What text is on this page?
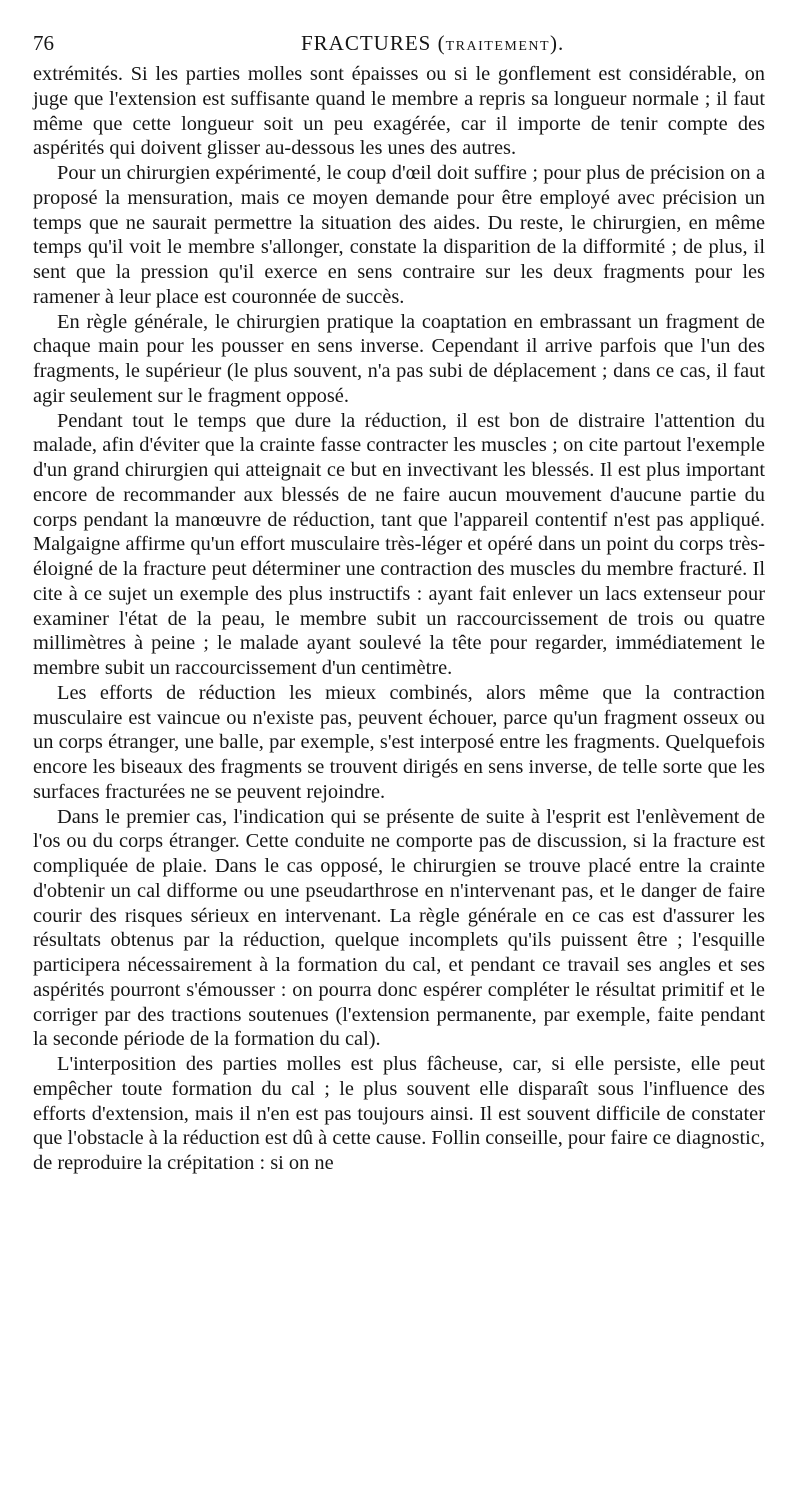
76	FRACTURES (TRAITEMENT).

extrémités. Si les parties molles sont épaisses ou si le gonflement est considérable, on juge que l'extension est suffisante quand le membre a repris sa longueur normale ; il faut même que cette longueur soit un peu exagérée, car il importe de tenir compte des aspérités qui doivent glisser au-dessous les unes des autres.

Pour un chirurgien expérimenté, le coup d'œil doit suffire ; pour plus de précision on a proposé la mensuration, mais ce moyen demande pour être employé avec précision un temps que ne saurait permettre la situation des aides. Du reste, le chirurgien, en même temps qu'il voit le membre s'allonger, constate la disparition de la difformité ; de plus, il sent que la pression qu'il exerce en sens contraire sur les deux fragments pour les ramener à leur place est couronnée de succès.

En règle générale, le chirurgien pratique la coaptation en embrassant un fragment de chaque main pour les pousser en sens inverse. Cependant il arrive parfois que l'un des fragments, le supérieur (le plus souvent, n'a pas subi de déplacement ; dans ce cas, il faut agir seulement sur le fragment opposé.

Pendant tout le temps que dure la réduction, il est bon de distraire l'attention du malade, afin d'éviter que la crainte fasse contracter les muscles ; on cite partout l'exemple d'un grand chirurgien qui atteignait ce but en invectivant les blessés. Il est plus important encore de recommander aux blessés de ne faire aucun mouvement d'aucune partie du corps pendant la manœuvre de réduction, tant que l'appareil contentif n'est pas appliqué. Malgaigne affirme qu'un effort musculaire très-léger et opéré dans un point du corps très-éloigné de la fracture peut déterminer une contraction des muscles du membre fracturé. Il cite à ce sujet un exemple des plus instructifs : ayant fait enlever un lacs extenseur pour examiner l'état de la peau, le membre subit un raccourcissement de trois ou quatre millimètres à peine ; le malade ayant soulevé la tête pour regarder, immédiatement le membre subit un raccourcissement d'un centimètre.

Les efforts de réduction les mieux combinés, alors même que la contraction musculaire est vaincue ou n'existe pas, peuvent échouer, parce qu'un fragment osseux ou un corps étranger, une balle, par exemple, s'est interposé entre les fragments. Quelquefois encore les biseaux des fragments se trouvent dirigés en sens inverse, de telle sorte que les surfaces fracturées ne se peuvent rejoindre.

Dans le premier cas, l'indication qui se présente de suite à l'esprit est l'enlèvement de l'os ou du corps étranger. Cette conduite ne comporte pas de discussion, si la fracture est compliquée de plaie. Dans le cas opposé, le chirurgien se trouve placé entre la crainte d'obtenir un cal difforme ou une pseudarthrose en n'intervenant pas, et le danger de faire courir des risques sérieux en intervenant. La règle générale en ce cas est d'assurer les résultats obtenus par la réduction, quelque incomplets qu'ils puissent être ; l'esquille participera nécessairement à la formation du cal, et pendant ce travail ses angles et ses aspérités pourront s'émousser : on pourra donc espérer compléter le résultat primitif et le corriger par des tractions soutenues (l'extension permanente, par exemple, faite pendant la seconde période de la formation du cal).

L'interposition des parties molles est plus fâcheuse, car, si elle persiste, elle peut empêcher toute formation du cal ; le plus souvent elle disparaît sous l'influence des efforts d'extension, mais il n'en est pas toujours ainsi. Il est souvent difficile de constater que l'obstacle à la réduction est dû à cette cause. Follin conseille, pour faire ce diagnostic, de reproduire la crépitation : si on ne
